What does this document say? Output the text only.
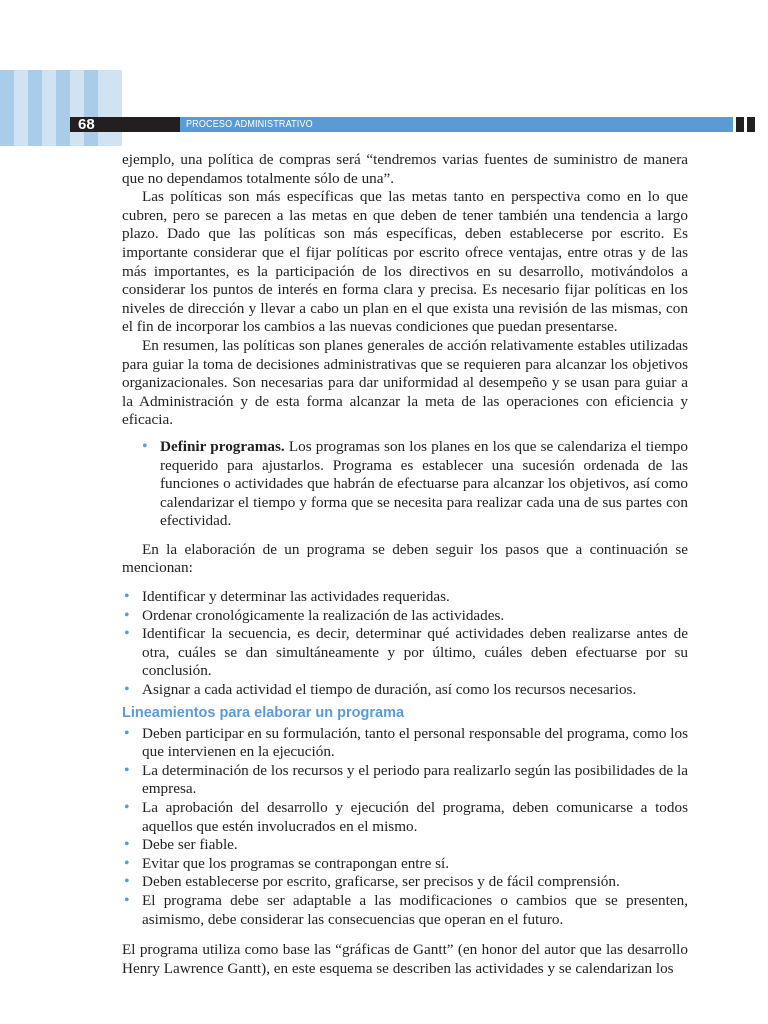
68	PROCESO ADMINISTRATIVO

ejemplo, una política de compras será “tendremos varias fuentes de suministro de manera que no dependamos totalmente sólo de una”.

Las políticas son más específicas que las metas tanto en perspectiva como en lo que cubren, pero se parecen a las metas en que deben de tener también una tendencia a largo plazo. Dado que las políticas son más específicas, deben establecerse por escrito. Es importante considerar que el fijar políticas por escrito ofrece ventajas, entre otras y de las más importantes, es la participación de los directivos en su desarrollo, motivándolos a considerar los puntos de interés en forma clara y precisa. Es necesario fijar políticas en los niveles de dirección y llevar a cabo un plan en el que exista una revisión de las mismas, con el fin de incorporar los cambios a las nuevas condiciones que puedan presentarse.

En resumen, las políticas son planes generales de acción relativamente estables utilizadas para guiar la toma de decisiones administrativas que se requieren para alcanzar los objetivos organizacionales. Son necesarias para dar uniformidad al desempeño y se usan para guiar a la Administración y de esta forma alcanzar la meta de las operaciones con eficiencia y eficacia.

• Definir programas. Los programas son los planes en los que se calendariza el tiempo requerido para ajustarlos. Programa es establecer una sucesión ordenada de las funciones o actividades que habrán de efectuarse para alcanzar los objetivos, así como calendarizar el tiempo y forma que se necesita para realizar cada una de sus partes con efectividad.

En la elaboración de un programa se deben seguir los pasos que a continuación se mencionan:

• Identificar y determinar las actividades requeridas.
• Ordenar cronológicamente la realización de las actividades.
• Identificar la secuencia, es decir, determinar qué actividades deben realizarse antes de otra, cuáles se dan simultáneamente y por último, cuáles deben efectuarse por su conclusión.
• Asignar a cada actividad el tiempo de duración, así como los recursos necesarios.
Lineamientos para elaborar un programa
• Deben participar en su formulación, tanto el personal responsable del programa, como los que intervienen en la ejecución.
• La determinación de los recursos y el periodo para realizarlo según las posibilidades de la empresa.
• La aprobación del desarrollo y ejecución del programa, deben comunicarse a todos aquellos que estén involucrados en el mismo.
• Debe ser fiable.
• Evitar que los programas se contrapongan entre sí.
• Deben establecerse por escrito, graficarse, ser precisos y de fácil comprensión.
• El programa debe ser adaptable a las modificaciones o cambios que se presenten, asimismo, debe considerar las consecuencias que operan en el futuro.

El programa utiliza como base las “gráficas de Gantt” (en honor del autor que las desarrollo Henry Lawrence Gantt), en este esquema se describen las actividades y se calendarizan los
